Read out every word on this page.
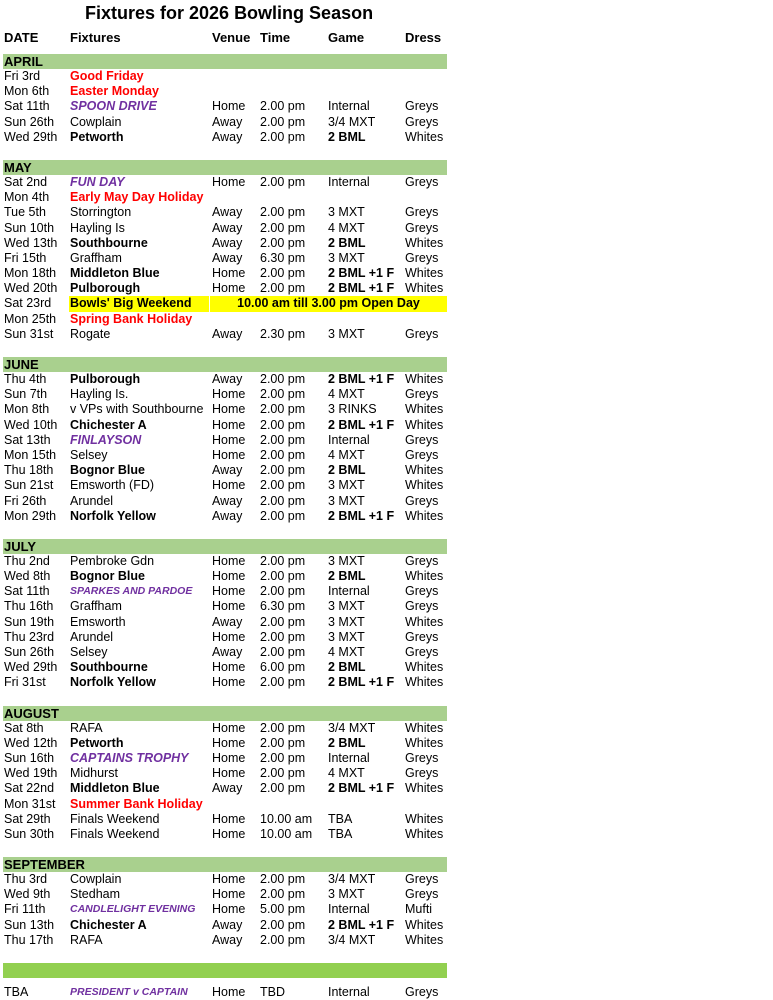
Fixtures for 2026 Bowling Season
DATE Fixtures	Venue Time	Game	Dress
APRIL
Fri 3rd Good Friday
Mon 6th Easter Monday
Sat 11th SPOON DRIVE	Home 2.00 pm Internal	Greys
Sun 26th Cowplain	Away 2.00 pm 3/4 MXT Greys
Wed 29th Petworth	Away 2.00 pm 2 BML	Whites
MAY
Sat 2nd FUN DAY	Home 2.00 pm Internal	Greys
Mon 4th Early May Day Holiday
Tue 5th Storrington	Away 2.00 pm 3 MXT	Greys
Sun 10th Hayling Is	Away 2.00 pm 4 MXT	Greys
Wed 13th Southbourne	Away 2.00 pm 2 BML	Whites
Fri 15th Graffham	Away 6.30 pm 3 MXT	Greys
Mon 18th Middleton Blue	Home 2.00 pm 2 BML +1 F Whites
Wed 20th Pulborough	Home 2.00 pm 2 BML +1 F Whites
Sat 23rd Bowls' Big Weekend	10.00 am till 3.00 pm Open Day
Mon 25th Spring Bank Holiday
Sun 31st Rogate	Away 2.30 pm 3 MXT	Greys
JUNE
Thu 4th Pulborough	Away 2.00 pm 2 BML +1 F Whites
Sun 7th Hayling Is.	Home 2.00 pm 4 MXT	Greys
Mon 8th v VPs with Southbourne Home 2.00 pm 3 RINKS Whites
Wed 10th Chichester A	Home 2.00 pm 2 BML +1 F Whites
Sat 13th FINLAYSON	Home 2.00 pm Internal	Greys
Mon 15th Selsey	Home 2.00 pm 4 MXT	Greys
Thu 18th Bognor Blue	Away 2.00 pm 2 BML	Whites
Sun 21st Emsworth (FD)	Home 2.00 pm 3 MXT	Whites
Fri 26th Arundel	Away 2.00 pm 3 MXT	Greys
Mon 29th Norfolk Yellow	Away 2.00 pm 2 BML +1 F Whites
JULY
Thu 2nd Pembroke Gdn	Home 2.00 pm 3 MXT	Greys
Wed 8th Bognor Blue	Home 2.00 pm 2 BML	Whites
Sat 11th SPARKES AND PARDOE Home 2.00 pm Internal	Greys
Thu 16th Graffham	Home 6.30 pm 3 MXT	Greys
Sun 19th Emsworth	Away 2.00 pm 3 MXT	Whites
Thu 23rd Arundel	Home 2.00 pm 3 MXT	Greys
Sun 26th Selsey	Away 2.00 pm 4 MXT	Greys
Wed 29th Southbourne	Home 6.00 pm 2 BML	Whites
Fri 31st Norfolk Yellow	Home 2.00 pm 2 BML +1 F Whites
AUGUST
Sat 8th RAFA	Home 2.00 pm 3/4 MXT Whites
Wed 12th Petworth	Home 2.00 pm 2 BML	Whites
Sun 16th CAPTAINS TROPHY Home 2.00 pm Internal	Greys
Wed 19th Midhurst	Home 2.00 pm 4 MXT	Greys
Sat 22nd Middleton Blue	Away 2.00 pm 2 BML +1 F Whites
Mon 31st Summer Bank Holiday
Sat 29th Finals Weekend	Home 10.00 am TBA	Whites
Sun 30th Finals Weekend	Home 10.00 am TBA	Whites
SEPTEMBER
Thu 3rd Cowplain	Home 2.00 pm 3/4 MXT Greys
Wed 9th Stedham	Home 2.00 pm 3 MXT	Greys
Fri 11th CANDLELIGHT EVENING Home 5.00 pm Internal	Mufti
Sun 13th Chichester A	Away 2.00 pm 2 BML +1 F Whites
Thu 17th RAFA	Away 2.00 pm 3/4 MXT Whites
TBA	PRESIDENT v CAPTAIN Home TBD	Internal	Greys
